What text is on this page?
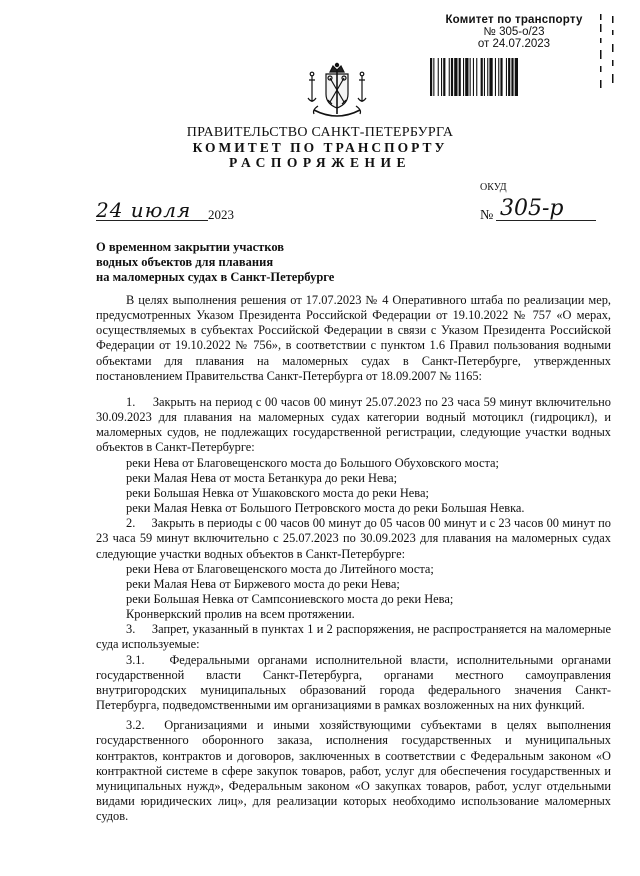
Комитет по транспорту
№ 305-о/23
от 24.07.2023
ПРАВИТЕЛЬСТВО САНКТ-ПЕТЕРБУРГА
КОМИТЕТ ПО ТРАНСПОРТУ
РАСПОРЯЖЕНИЕ
ОКУД
24 июля	2023	№ 305-р
О временном закрытии участков
водных объектов для плавания
на маломерных судах в Санкт-Петербурге

В целях выполнения решения от 17.07.2023 № 4 Оперативного штаба по реализации мер, предусмотренных Указом Президента Российской Федерации от 19.10.2022 № 757 «О мерах, осуществляемых в субъектах Российской Федерации в связи с Указом Президента Российской Федерации от 19.10.2022 № 756», в соответствии с пунктом 1.6 Правил пользования водными объектами для плавания на маломерных судах в Санкт-Петербурге, утвержденных постановлением Правительства Санкт-Петербурга от 18.09.2007 № 1165:

1.     Закрыть на период с 00 часов 00 минут 25.07.2023 по 23 часа 59 минут включительно 30.09.2023 для плавания на маломерных судах категории водный мотоцикл (гидроцикл), и маломерных судов, не подлежащих государственной регистрации, следующие участки водных объектов в Санкт-Петербурге:

реки Нева от Благовещенского моста до Большого Обуховского моста;

реки Малая Нева от моста Бетанкура до реки Нева;

реки Большая Невка от Ушаковского моста до реки Нева;

реки Малая Невка от Большого Петровского моста до реки Большая Невка.

2.     Закрыть в периоды с 00 часов 00 минут до 05 часов 00 минут и с 23 часов 00 минут по 23 часа 59 минут включительно с 25.07.2023 по 30.09.2023 для плавания на маломерных судах следующие участки водных объектов в Санкт-Петербурге:

реки Нева от Благовещенского моста до Литейного моста;

реки Малая Нева от Биржевого моста до реки Нева;

реки Большая Невка от Сампсониевского моста до реки Нева;

Кронверкский пролив на всем протяжении.

3.     Запрет, указанный в пунктах 1 и 2 распоряжения, не распространяется на маломерные суда используемые:

3.1.   Федеральными органами исполнительной власти, исполнительными органами государственной власти Санкт-Петербурга, органами местного самоуправления внутригородских муниципальных образований города федерального значения Санкт-Петербурга, подведомственными им организациями в рамках возложенных на них функций.

3.2.  Организациями и иными хозяйствующими субъектами в целях выполнения государственного оборонного заказа, исполнения государственных и муниципальных контрактов, контрактов и договоров, заключенных в соответствии с Федеральным законом «О контрактной системе в сфере закупок товаров, работ, услуг для обеспечения государственных и муниципальных нужд», Федеральным законом «О закупках товаров, работ, услуг отдельными видами юридических лиц», для реализации которых необходимо использование маломерных судов.
